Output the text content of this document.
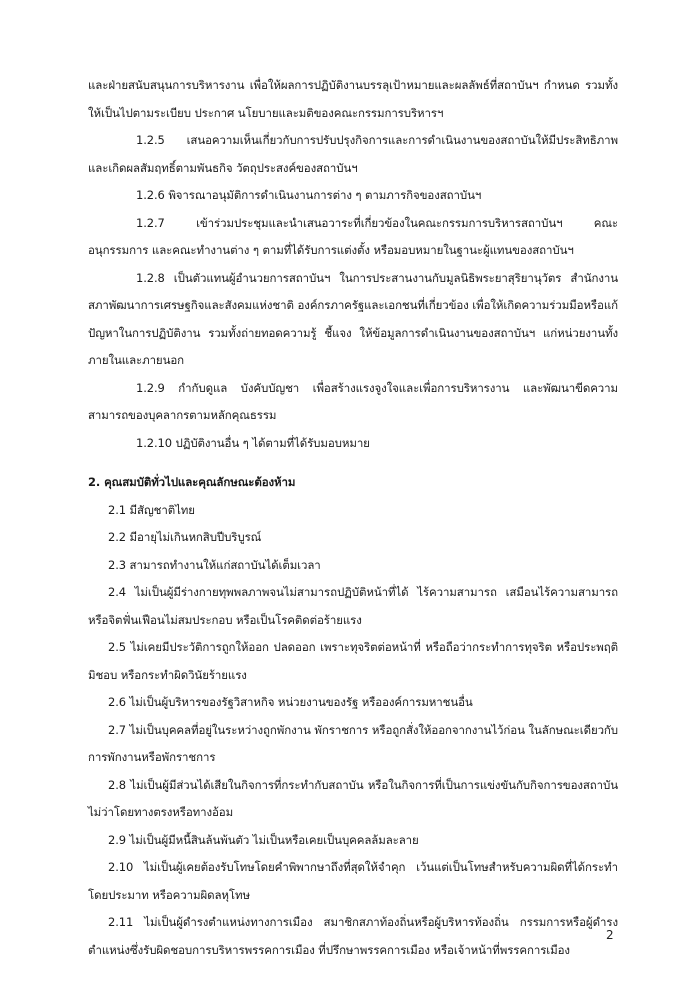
และฝ่ายสนับสนุนการบริหารงาน เพื่อให้ผลการปฏิบัติงานบรรลุเป้าหมายและผลลัพธ์ที่สถาบันฯ กำหนด รวมทั้งให้เป็นไปตามระเบียบ ประกาศ นโยบายและมติของคณะกรรมการบริหารฯ

1.2.5 เสนอความเห็นเกี่ยวกับการปรับปรุงกิจการและการดำเนินงานของสถาบันให้มีประสิทธิภาพและเกิดผลสัมฤทธิ์ตามพันธกิจ วัตถุประสงค์ของสถาบันฯ

1.2.6 พิจารณาอนุมัติการดำเนินงานการต่าง ๆ ตามภารกิจของสถาบันฯ

1.2.7 เข้าร่วมประชุมและนำเสนอวาระที่เกี่ยวข้องในคณะกรรมการบริหารสถาบันฯ คณะอนุกรรมการ และคณะทำงานต่าง ๆ ตามที่ได้รับการแต่งตั้ง หรือมอบหมายในฐานะผู้แทนของสถาบันฯ

1.2.8 เป็นตัวแทนผู้อำนวยการสถาบันฯ ในการประสานงานกับมูลนิธิพระยาสุริยานุวัตร สำนักงานสภาพัฒนาการเศรษฐกิจและสังคมแห่งชาติ องค์กรภาครัฐและเอกชนที่เกี่ยวข้อง เพื่อให้เกิดความร่วมมือหรือแก้ปัญหาในการปฏิบัติงาน รวมทั้งถ่ายทอดความรู้ ชี้แจง ให้ข้อมูลการดำเนินงานของสถาบันฯ แก่หน่วยงานทั้งภายในและภายนอก

1.2.9 กำกับดูแล บังคับบัญชา เพื่อสร้างแรงจูงใจและเพื่อการบริหารงาน และพัฒนาขีดความสามารถของบุคลากรตามหลักคุณธรรม

1.2.10 ปฏิบัติงานอื่น ๆ ได้ตามที่ได้รับมอบหมาย

2. คุณสมบัติทั่วไปและคุณลักษณะต้องห้าม

2.1 มีสัญชาติไทย

2.2 มีอายุไม่เกินหกสิบปีบริบูรณ์

2.3 สามารถทำงานให้แก่สถาบันได้เต็มเวลา

2.4 ไม่เป็นผู้มีร่างกายทุพพลภาพจนไม่สามารถปฏิบัติหน้าที่ได้ ไร้ความสามารถ เสมือนไร้ความสามารถ หรือจิตฟั่นเฟือนไม่สมประกอบ หรือเป็นโรคติดต่อร้ายแรง

2.5 ไม่เคยมีประวัติการถูกให้ออก ปลดออก เพราะทุจริตต่อหน้าที่ หรือถือว่ากระทำการทุจริต หรือประพฤติมิชอบ หรือกระทำผิดวินัยร้ายแรง

2.6 ไม่เป็นผู้บริหารของรัฐวิสาหกิจ หน่วยงานของรัฐ หรือองค์การมหาชนอื่น

2.7 ไม่เป็นบุคคลที่อยู่ในระหว่างถูกพักงาน พักราชการ หรือถูกสั่งให้ออกจากงานไว้ก่อน ในลักษณะเดียวกับการพักงานหรือพักราชการ

2.8 ไม่เป็นผู้มีส่วนได้เสียในกิจการที่กระทำกับสถาบัน หรือในกิจการที่เป็นการแข่งขันกับกิจการของสถาบัน ไม่ว่าโดยทางตรงหรือทางอ้อม

2.9 ไม่เป็นผู้มีหนี้สินล้นพ้นตัว ไม่เป็นหรือเคยเป็นบุคคลล้มละลาย

2.10 ไม่เป็นผู้เคยต้องรับโทษโดยคำพิพากษาถึงที่สุดให้จำคุก เว้นแต่เป็นโทษสำหรับความผิดที่ได้กระทำโดยประมาท หรือความผิดลหุโทษ

2.11 ไม่เป็นผู้ดำรงตำแหน่งทางการเมือง สมาชิกสภาท้องถิ่นหรือผู้บริหารท้องถิ่น กรรมการหรือผู้ดำรงตำแหน่งซึ่งรับผิดชอบการบริหารพรรคการเมือง ที่ปรึกษาพรรคการเมือง หรือเจ้าหน้าที่พรรคการเมือง

2
